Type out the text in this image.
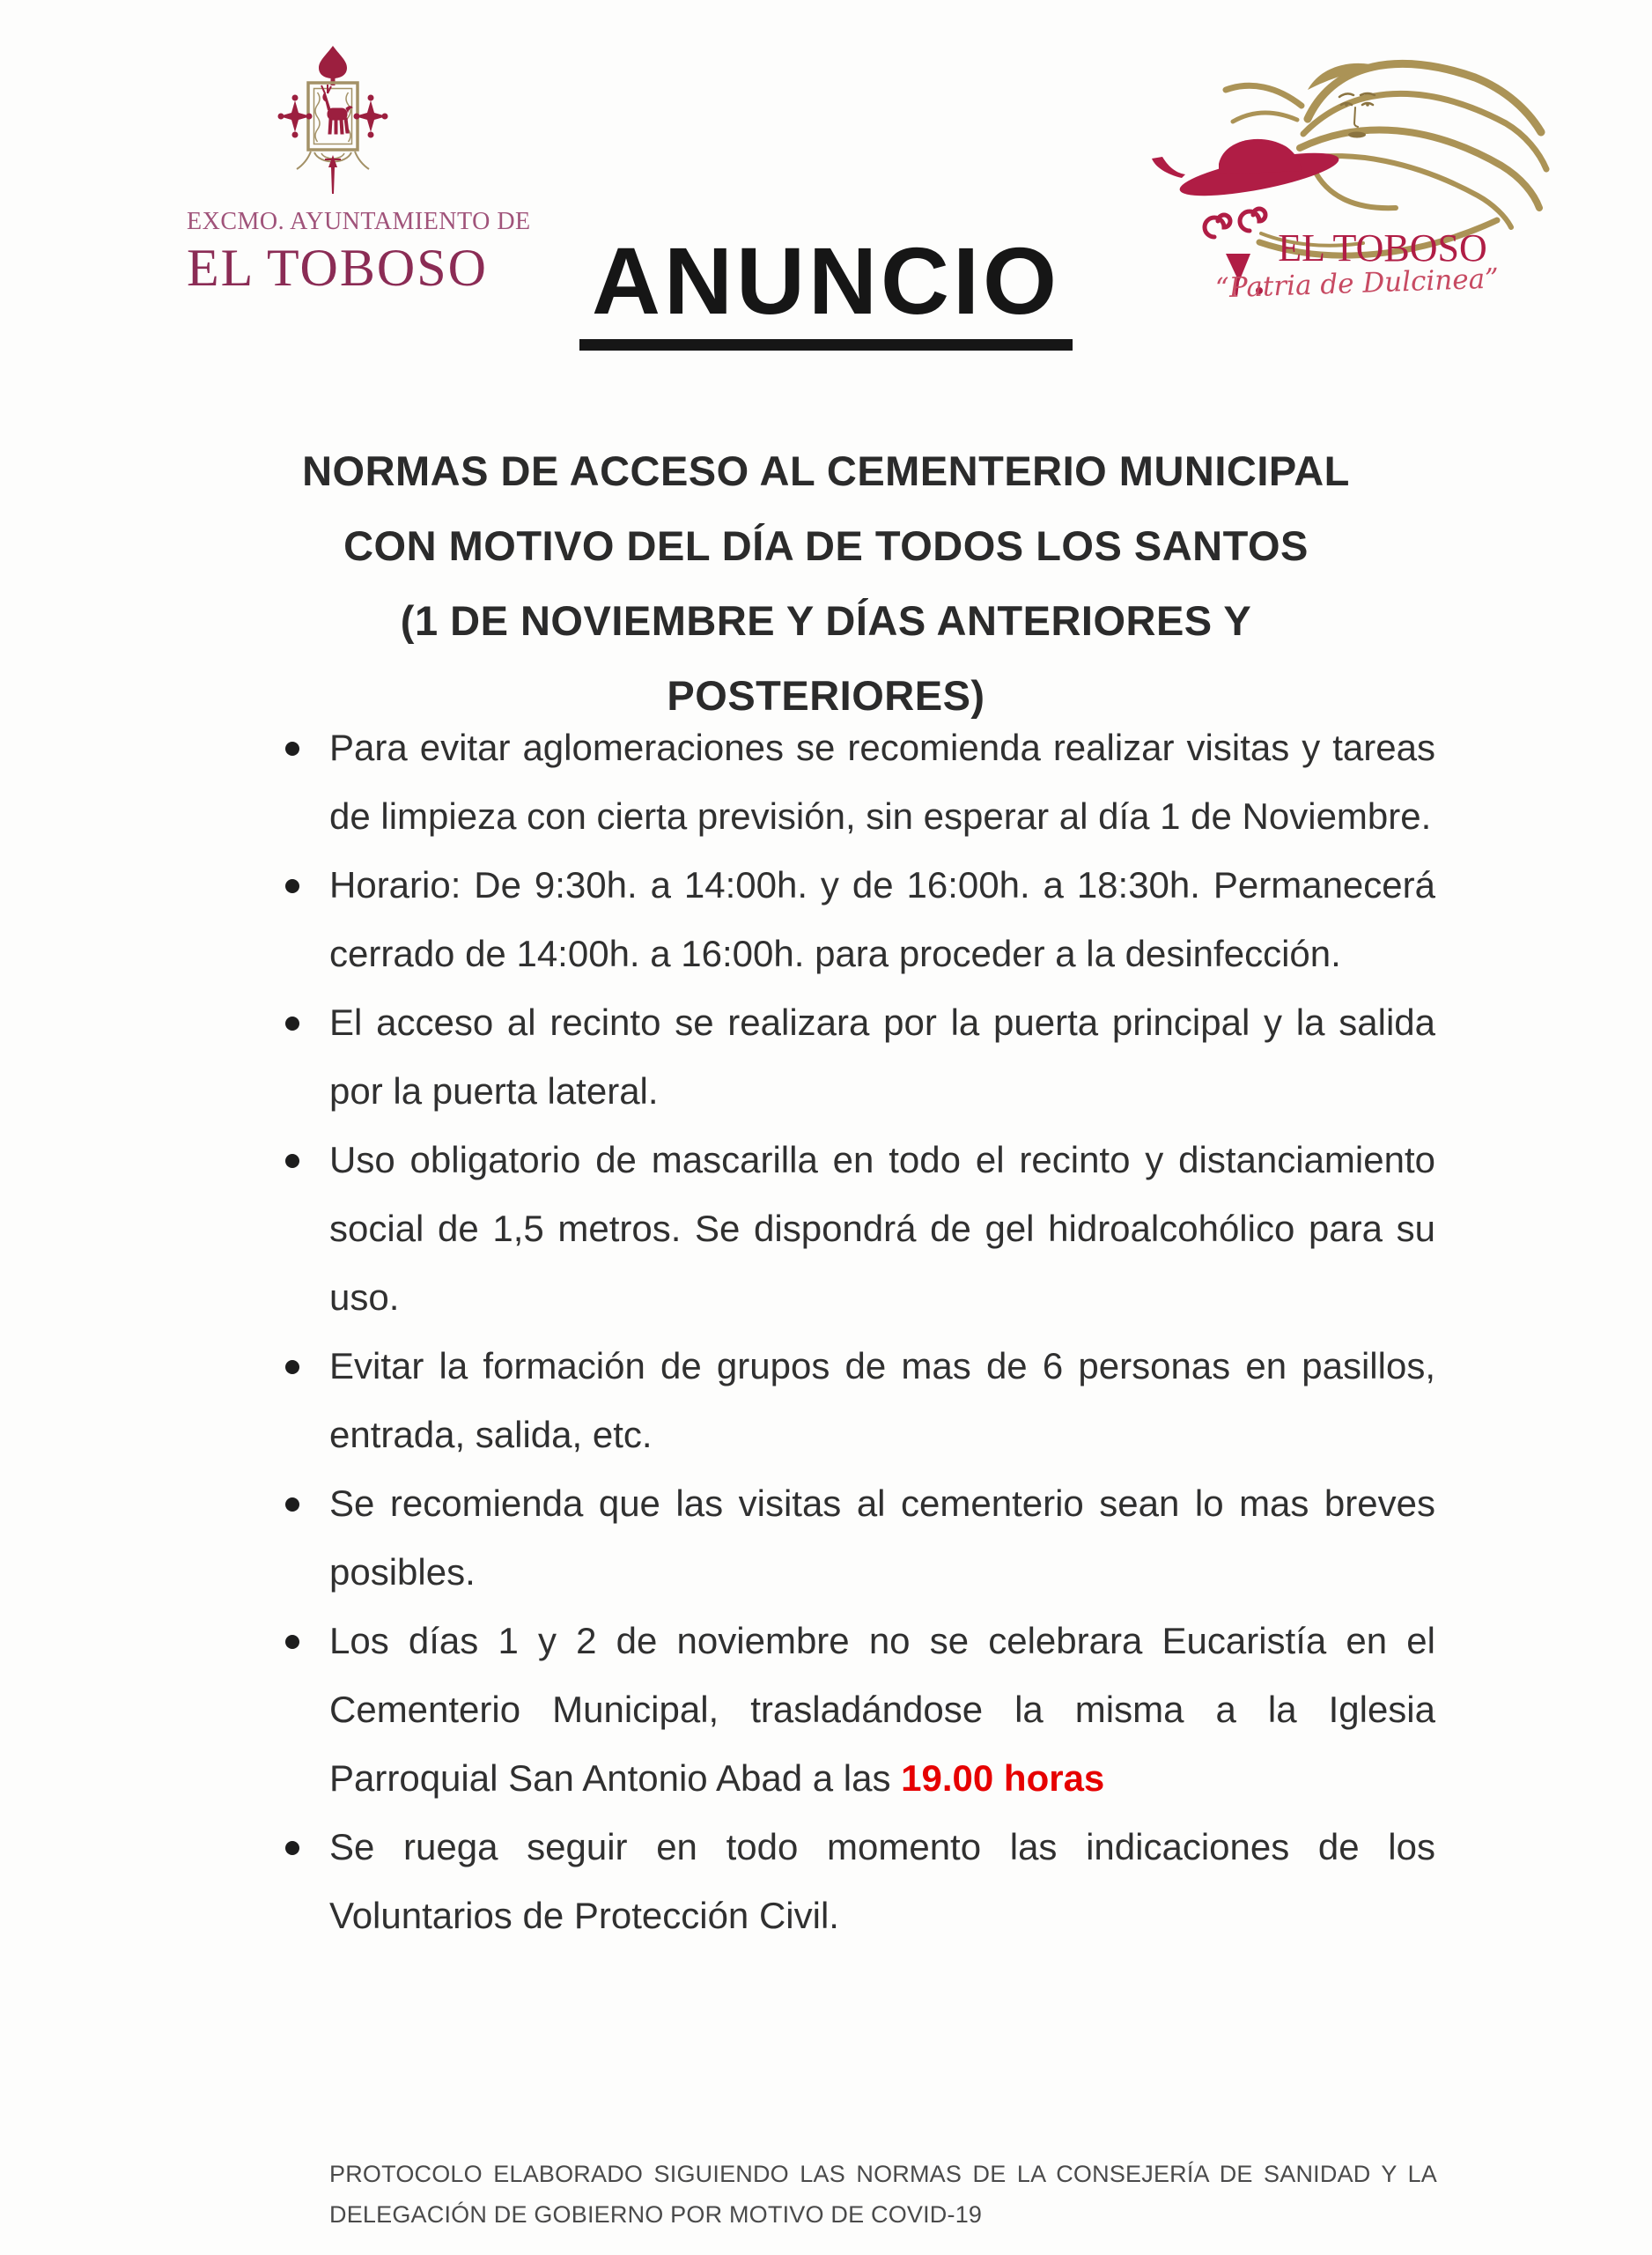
EXCMO. AYUNTAMIENTO DE
EL TOBOSO	ANUNCIO	EL TOBOSO
“Patria de Dulcinea”
NORMAS DE ACCESO AL CEMENTERIO MUNICIPAL
CON MOTIVO DEL DÍA DE TODOS LOS SANTOS
(1 DE NOVIEMBRE Y DÍAS ANTERIORES Y POSTERIORES)
Para evitar aglomeraciones se recomienda realizar visitas y tareas de limpieza con cierta previsión, sin esperar al día 1 de Noviembre.
Horario: De 9:30h. a 14:00h. y de 16:00h. a 18:30h. Permanecerá cerrado de 14:00h. a 16:00h. para proceder a la desinfección.
El acceso al recinto se realizara por la puerta principal y la salida por la puerta lateral.
Uso obligatorio de mascarilla en todo el recinto y distanciamiento social de 1,5 metros. Se dispondrá de gel hidroalcohólico para su uso.
Evitar la formación de grupos de mas de 6 personas en pasillos, entrada, salida, etc.
Se recomienda que las visitas al cementerio sean lo mas breves posibles.
Los días 1 y 2 de noviembre no se celebrara Eucaristía en el Cementerio Municipal, trasladándose la misma a la Iglesia Parroquial San Antonio Abad a las 19.00 horas
Se ruega seguir en todo momento las indicaciones de los Voluntarios de Protección Civil.
PROTOCOLO ELABORADO SIGUIENDO LAS NORMAS DE LA CONSEJERÍA DE SANIDAD Y LA DELEGACIÓN DE GOBIERNO POR MOTIVO DE COVID-19
